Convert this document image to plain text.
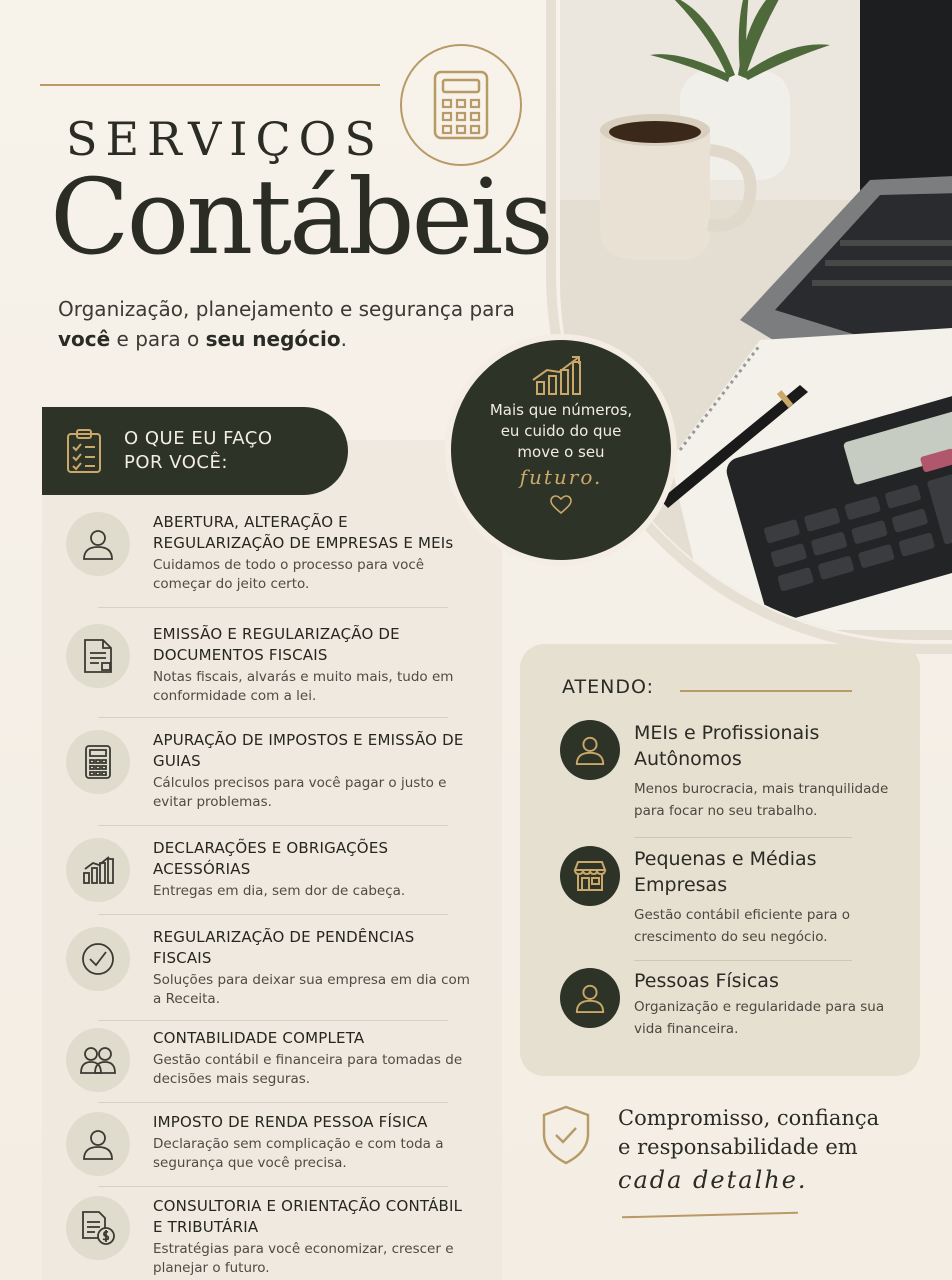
SERVIÇOS
Contábeis
Organização, planejamento e segurança para você e para o seu negócio.
Mais que números,
eu cuido do que
move o seu
futuro.
O QUE EU FAÇO
POR VOCÊ:
ABERTURA, ALTERAÇÃO E REGULARIZAÇÃO DE EMPRESAS E MEIs
Cuidamos de todo o processo para você começar do jeito certo.
EMISSÃO E REGULARIZAÇÃO DE DOCUMENTOS FISCAIS
Notas fiscais, alvarás e muito mais, tudo em conformidade com a lei.
APURAÇÃO DE IMPOSTOS E EMISSÃO DE GUIAS
Cálculos precisos para você pagar o justo e evitar problemas.
DECLARAÇÕES E OBRIGAÇÕES ACESSÓRIAS
Entregas em dia, sem dor de cabeça.
REGULARIZAÇÃO DE PENDÊNCIAS FISCAIS
Soluções para deixar sua empresa em dia com a Receita.
CONTABILIDADE COMPLETA
Gestão contábil e financeira para tomadas de decisões mais seguras.
IMPOSTO DE RENDA PESSOA FÍSICA
Declaração sem complicação e com toda a segurança que você precisa.
CONSULTORIA E ORIENTAÇÃO CONTÁBIL E TRIBUTÁRIA
Estratégias para você economizar, crescer e planejar o futuro.
ATENDO:
MEIs e Profissionais Autônomos
Menos burocracia, mais tranquilidade para focar no seu trabalho.
Pequenas e Médias Empresas
Gestão contábil eficiente para o crescimento do seu negócio.
Pessoas Físicas
Organização e regularidade para sua vida financeira.
Compromisso, confiança
e responsabilidade em
cada detalhe.
